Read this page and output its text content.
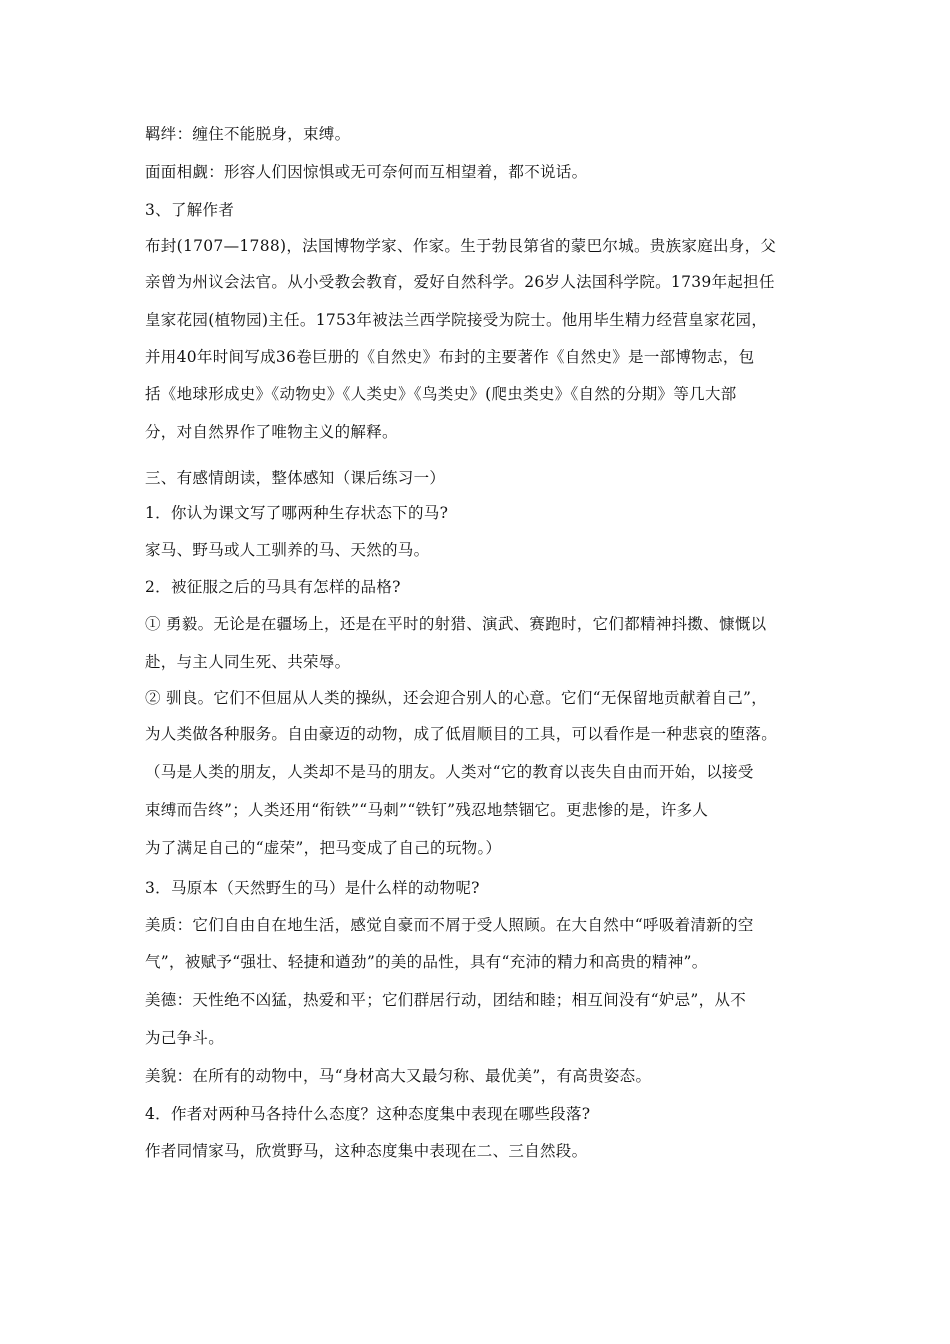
羁绊：缠住不能脱身，束缚。
面面相觑：形容人们因惊惧或无可奈何而互相望着，都不说话。
3、了解作者
布封(1707—1788)，法国博物学家、作家。生于勃艮第省的蒙巴尔城。贵族家庭出身，父
亲曾为州议会法官。从小受教会教育，爱好自然科学。26岁人法国科学院。1739年起担任
皇家花园(植物园)主任。1753年被法兰西学院接受为院士。他用毕生精力经营皇家花园，
并用40年时间写成36卷巨册的《自然史》布封的主要著作《自然史》是一部博物志，包
括《地球形成史》《动物史》《人类史》《鸟类史》(爬虫类史》《自然的分期》等几大部
分，对自然界作了唯物主义的解释。
三、有感情朗读，整体感知（课后练习一）
1．你认为课文写了哪两种生存状态下的马?
家马、野马或人工驯养的马、天然的马。
2．被征服之后的马具有怎样的品格?
① 勇毅。无论是在疆场上，还是在平时的射猎、演武、赛跑时，它们都精神抖擞、慷慨以
赴，与主人同生死、共荣辱。
② 驯良。它们不但屈从人类的操纵，还会迎合别人的心意。它们“无保留地贡献着自己”，
为人类做各种服务。自由豪迈的动物，成了低眉顺目的工具，可以看作是一种悲哀的堕落。
（马是人类的朋友，人类却不是马的朋友。人类对“它的教育以丧失自由而开始，以接受
束缚而告终”；人类还用“衔铁”“马刺”“铁钉”残忍地禁锢它。更悲惨的是，许多人
为了满足自己的“虚荣”，把马变成了自己的玩物。）
3．马原本（天然野生的马）是什么样的动物呢?
美质：它们自由自在地生活，感觉自豪而不屑于受人照顾。在大自然中“呼吸着清新的空
气”，被赋予“强壮、轻捷和遒劲”的美的品性，具有“充沛的精力和高贵的精神”。
美德：天性绝不凶猛，热爱和平；它们群居行动，团结和睦；相互间没有“妒忌”，从不
为己争斗。
美貌：在所有的动物中，马“身材高大又最匀称、最优美”，有高贵姿态。
4．作者对两种马各持什么态度？这种态度集中表现在哪些段落?
作者同情家马，欣赏野马，这种态度集中表现在二、三自然段。
